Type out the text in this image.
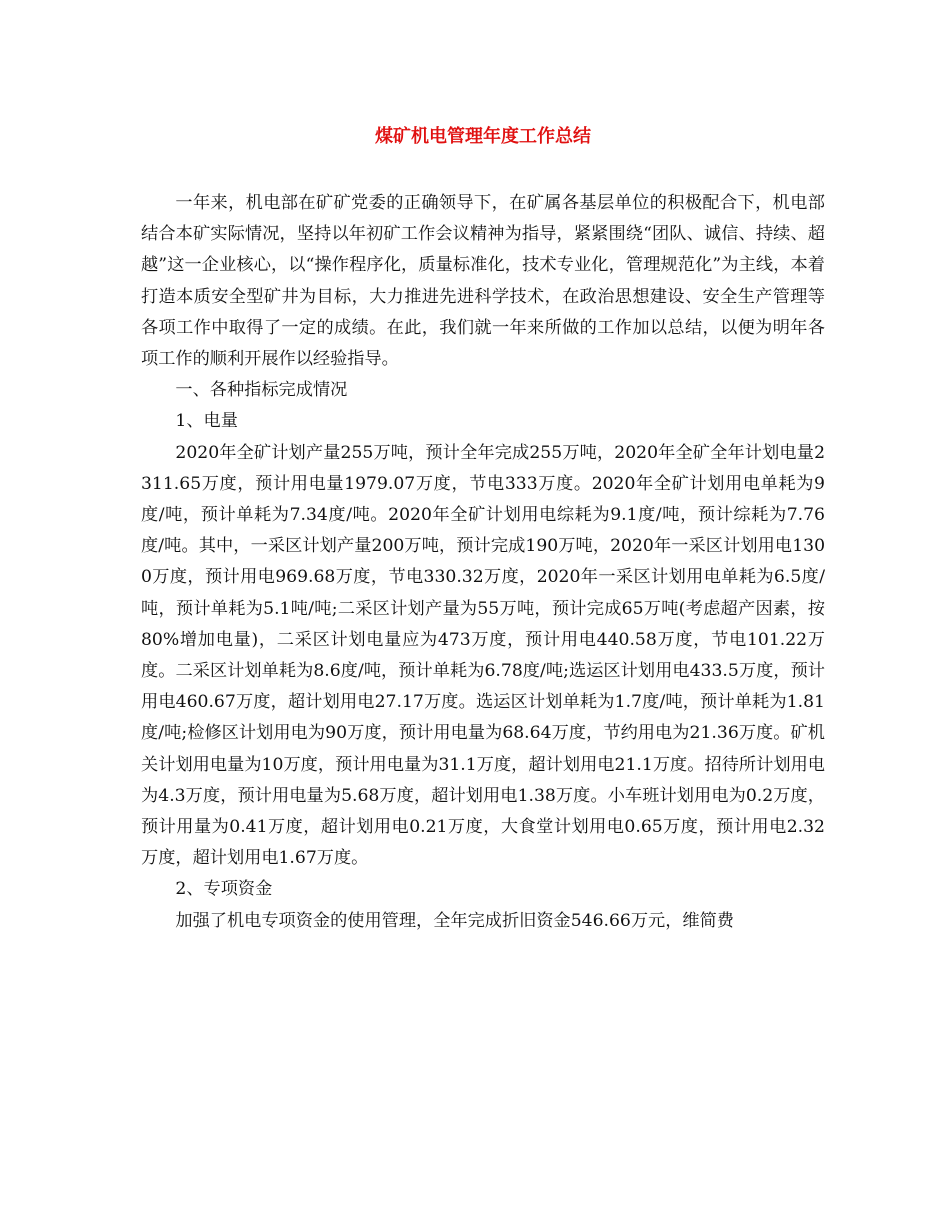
煤矿机电管理年度工作总结

一年来，机电部在矿矿党委的正确领导下，在矿属各基层单位的积极配合下，机电部结合本矿实际情况，坚持以年初矿工作会议精神为指导，紧紧围绕“团队、诚信、持续、超越”这一企业核心，以“操作程序化，质量标准化，技术专业化，管理规范化”为主线，本着打造本质安全型矿井为目标，大力推进先进科学技术，在政治思想建设、安全生产管理等各项工作中取得了一定的成绩。在此，我们就一年来所做的工作加以总结，以便为明年各项工作的顺利开展作以经验指导。

一、各种指标完成情况

1、电量

2020年全矿计划产量255万吨，预计全年完成255万吨，2020年全矿全年计划电量2311.65万度，预计用电量1979.07万度，节电333万度。2020年全矿计划用电单耗为9度/吨，预计单耗为7.34度/吨。2020年全矿计划用电综耗为9.1度/吨，预计综耗为7.76度/吨。其中，一采区计划产量200万吨，预计完成190万吨，2020年一采区计划用电1300万度，预计用电969.68万度，节电330.32万度，2020年一采区计划用电单耗为6.5度/吨，预计单耗为5.1吨/吨;二采区计划产量为55万吨，预计完成65万吨(考虑超产因素，按80%增加电量)，二采区计划电量应为473万度，预计用电440.58万度，节电101.22万度。二采区计划单耗为8.6度/吨，预计单耗为6.78度/吨;选运区计划用电433.5万度，预计用电460.67万度，超计划用电27.17万度。选运区计划单耗为1.7度/吨，预计单耗为1.81度/吨;检修区计划用电为90万度，预计用电量为68.64万度，节约用电为21.36万度。矿机关计划用电量为10万度，预计用电量为31.1万度，超计划用电21.1万度。招待所计划用电为4.3万度，预计用电量为5.68万度，超计划用电1.38万度。小车班计划用电为0.2万度，预计用量为0.41万度，超计划用电0.21万度，大食堂计划用电0.65万度，预计用电2.32万度，超计划用电1.67万度。

2、专项资金

加强了机电专项资金的使用管理，全年完成折旧资金546.66万元，维简费
